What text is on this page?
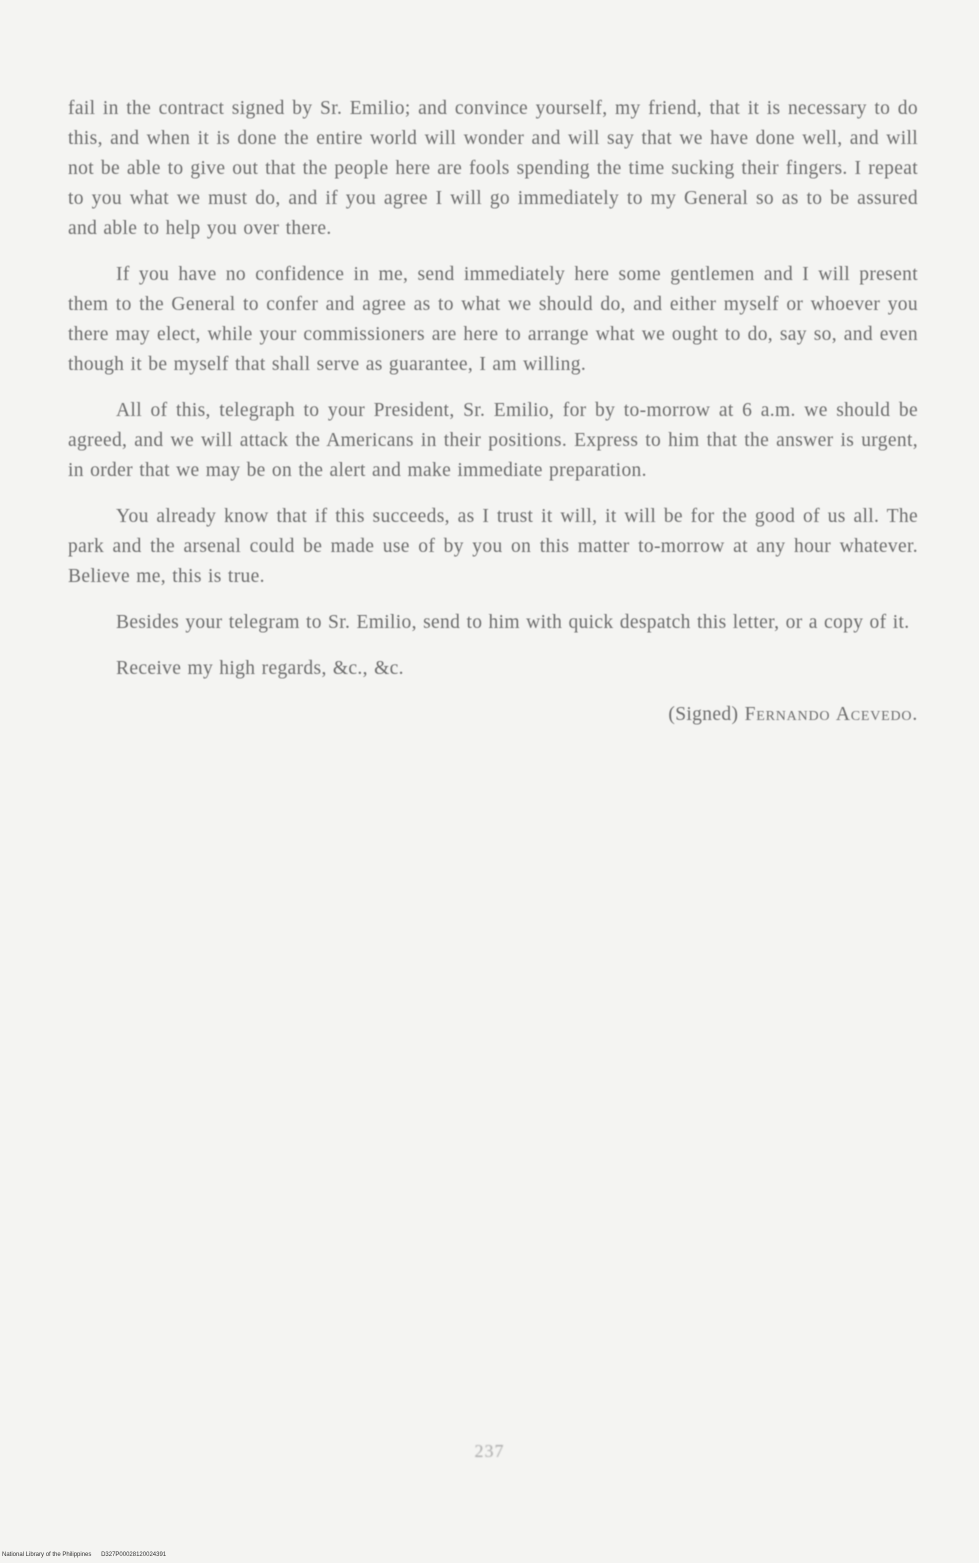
fail in the contract signed by Sr. Emilio; and convince yourself, my friend, that it is necessary to do this, and when it is done the entire world will wonder and will say that we have done well, and will not be able to give out that the people here are fools spending the time sucking their fingers. I repeat to you what we must do, and if you agree I will go immediately to my General so as to be assured and able to help you over there.

If you have no confidence in me, send immediately here some gentlemen and I will present them to the General to confer and agree as to what we should do, and either myself or whoever you there may elect, while your commissioners are here to arrange what we ought to do, say so, and even though it be myself that shall serve as guarantee, I am willing.

All of this, telegraph to your President, Sr. Emilio, for by to-morrow at 6 a.m. we should be agreed, and we will attack the Americans in their positions. Express to him that the answer is urgent, in order that we may be on the alert and make immediate preparation.

You already know that if this succeeds, as I trust it will, it will be for the good of us all. The park and the arsenal could be made use of by you on this matter to-morrow at any hour whatever. Believe me, this is true.

Besides your telegram to Sr. Emilio, send to him with quick despatch this letter, or a copy of it.

Receive my high regards, &c., &c.

(Signed) Fernando Acevedo.
237
National Library of the Philippines D327P00028120024391
